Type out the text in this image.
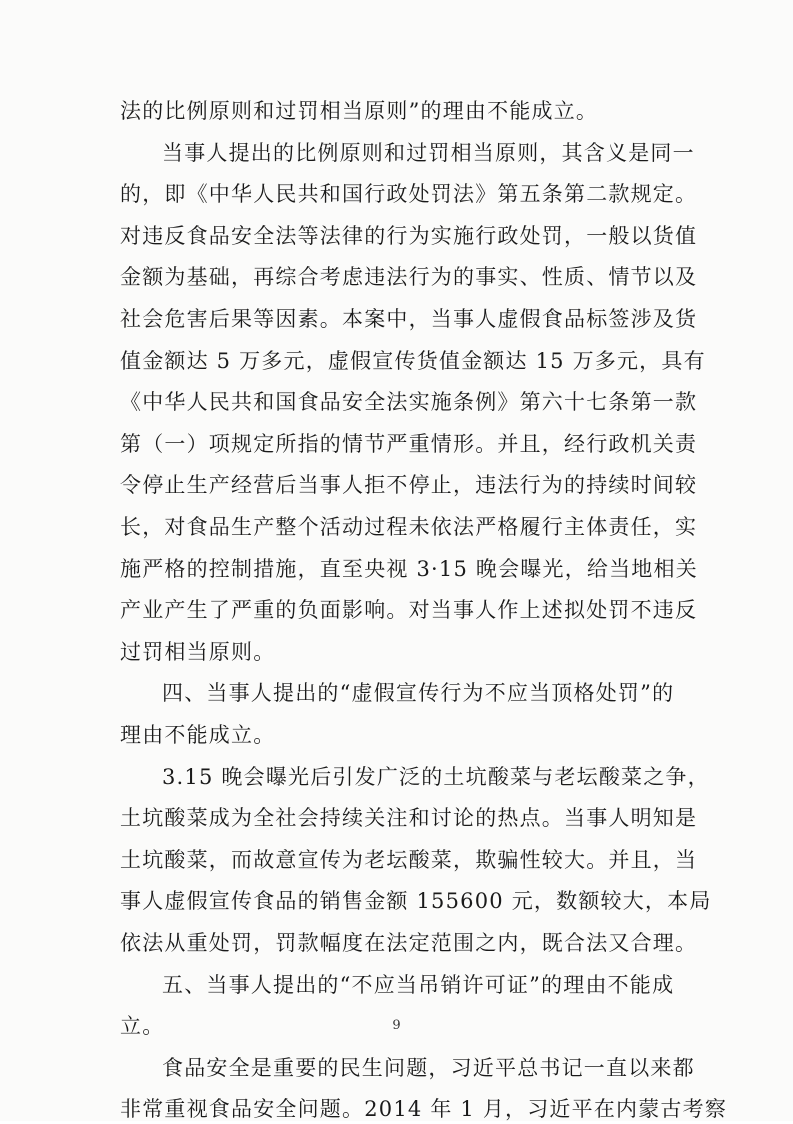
法的比例原则和过罚相当原则”的理由不能成立。
当事人提出的比例原则和过罚相当原则，其含义是同一
的，即《中华人民共和国行政处罚法》第五条第二款规定。
对违反食品安全法等法律的行为实施行政处罚，一般以货值
金额为基础，再综合考虑违法行为的事实、性质、情节以及
社会危害后果等因素。本案中，当事人虚假食品标签涉及货
值金额达 5 万多元，虚假宣传货值金额达 15 万多元，具有
《中华人民共和国食品安全法实施条例》第六十七条第一款
第（一）项规定所指的情节严重情形。并且，经行政机关责
令停止生产经营后当事人拒不停止，违法行为的持续时间较
长，对食品生产整个活动过程未依法严格履行主体责任，实
施严格的控制措施，直至央视 3·15 晚会曝光，给当地相关
产业产生了严重的负面影响。对当事人作上述拟处罚不违反
过罚相当原则。
四、当事人提出的“虚假宣传行为不应当顶格处罚”的
理由不能成立。
3.15 晚会曝光后引发广泛的土坑酸菜与老坛酸菜之争，
土坑酸菜成为全社会持续关注和讨论的热点。当事人明知是
土坑酸菜，而故意宣传为老坛酸菜，欺骗性较大。并且，当
事人虚假宣传食品的销售金额 155600 元，数额较大，本局
依法从重处罚，罚款幅度在法定范围之内，既合法又合理。
五、当事人提出的“不应当吊销许可证”的理由不能成
立。
食品安全是重要的民生问题，习近平总书记一直以来都
非常重视食品安全问题。2014 年 1 月，习近平在内蒙古考察
9
